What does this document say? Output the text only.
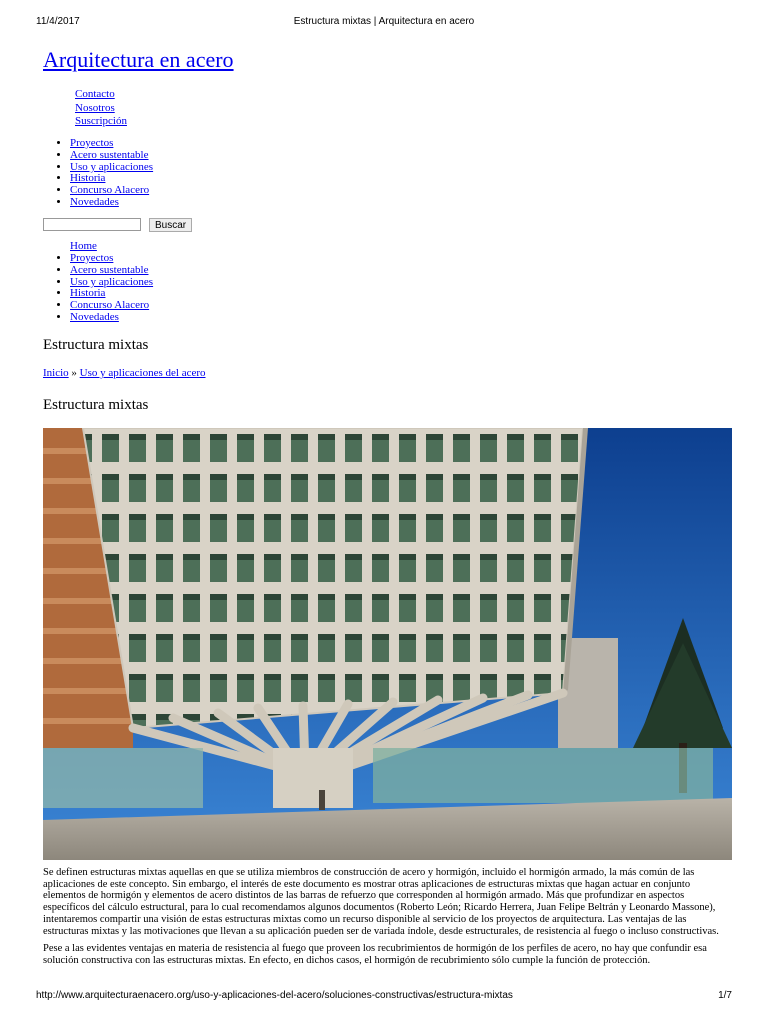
11/4/2017	Estructura mixtas | Arquitectura en acero
Arquitectura en acero
Contacto
Nosotros
Suscripción
• Proyectos
• Acero sustentable
• Uso y aplicaciones
• Historia
• Concurso Alacero
• Novedades
Buscar
Home
• Proyectos
• Acero sustentable
• Uso y aplicaciones
• Historia
• Concurso Alacero
• Novedades
Estructura mixtas
Inicio » Uso y aplicaciones del acero
Estructura mixtas

Se definen estructuras mixtas aquellas en que se utiliza miembros de construcción de acero y hormigón, incluido el hormigón armado, la más común de las aplicaciones de este concepto. Sin embargo, el interés de este documento es mostrar otras aplicaciones de estructuras mixtas que hagan actuar en conjunto elementos de hormigón y elementos de acero distintos de las barras de refuerzo que corresponden al hormigón armado. Más que profundizar en aspectos específicos del cálculo estructural, para lo cual recomendamos algunos documentos (Roberto León; Ricardo Herrera, Juan Felipe Beltrán y Leonardo Massone), intentaremos compartir una visión de estas estructuras mixtas como un recurso disponible al servicio de los proyectos de arquitectura. Las ventajas de las estructuras mixtas y las motivaciones que llevan a su aplicación pueden ser de variada índole, desde estructurales, de resistencia al fuego o incluso constructivas.

Pese a las evidentes ventajas en materia de resistencia al fuego que proveen los recubrimientos de hormigón de los perfiles de acero, no hay que confundir esa solución constructiva con las estructuras mixtas. En efecto, en dichos casos, el hormigón de recubrimiento sólo cumple la función de protección.

http://www.arquitecturaenacero.org/uso-y-aplicaciones-del-acero/soluciones-constructivas/estructura-mixtas	1/7
